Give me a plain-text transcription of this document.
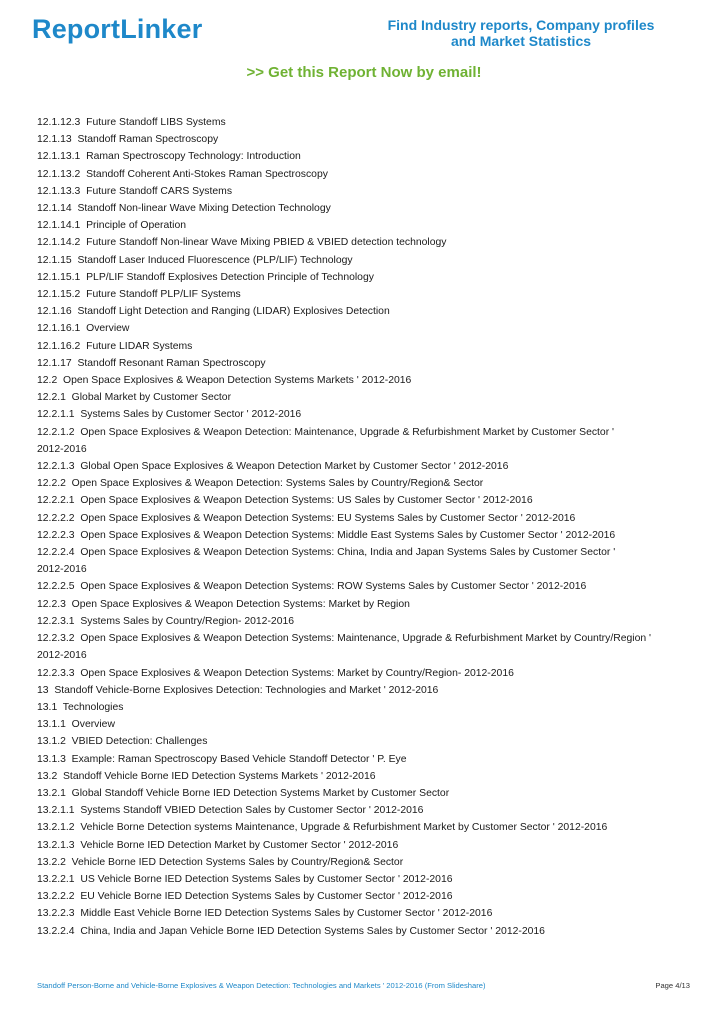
ReportLinker	Find Industry reports, Company profiles and Market Statistics
>> Get this Report Now by email!
12.1.12.3  Future Standoff LIBS Systems
12.1.13  Standoff Raman Spectroscopy
12.1.13.1  Raman Spectroscopy Technology: Introduction
12.1.13.2  Standoff Coherent Anti-Stokes Raman Spectroscopy
12.1.13.3  Future Standoff CARS Systems
12.1.14  Standoff Non-linear Wave Mixing Detection Technology
12.1.14.1  Principle of Operation
12.1.14.2  Future Standoff Non-linear Wave Mixing PBIED & VBIED detection technology
12.1.15  Standoff Laser Induced Fluorescence (PLP/LIF) Technology
12.1.15.1  PLP/LIF Standoff Explosives Detection Principle of Technology
12.1.15.2  Future Standoff PLP/LIF Systems
12.1.16  Standoff Light Detection and Ranging (LIDAR) Explosives Detection
12.1.16.1  Overview
12.1.16.2  Future LIDAR Systems
12.1.17  Standoff Resonant Raman Spectroscopy
12.2  Open Space Explosives & Weapon Detection Systems Markets ' 2012-2016
12.2.1  Global Market by Customer Sector
12.2.1.1  Systems Sales by Customer Sector ' 2012-2016
12.2.1.2  Open Space Explosives & Weapon Detection: Maintenance, Upgrade & Refurbishment Market by Customer Sector '
2012-2016
12.2.1.3  Global Open Space Explosives & Weapon Detection Market by Customer Sector ' 2012-2016
12.2.2  Open Space Explosives & Weapon Detection: Systems Sales by Country/Region& Sector
12.2.2.1  Open Space Explosives & Weapon Detection Systems: US Sales by Customer Sector ' 2012-2016
12.2.2.2  Open Space Explosives & Weapon Detection Systems: EU Systems Sales by Customer Sector ' 2012-2016
12.2.2.3  Open Space Explosives & Weapon Detection Systems: Middle East Systems Sales by Customer Sector ' 2012-2016
12.2.2.4  Open Space Explosives & Weapon Detection Systems: China, India and Japan Systems Sales by Customer Sector '
2012-2016
12.2.2.5  Open Space Explosives & Weapon Detection Systems: ROW Systems Sales by Customer Sector ' 2012-2016
12.2.3  Open Space Explosives & Weapon Detection Systems: Market by Region
12.2.3.1  Systems Sales by Country/Region- 2012-2016
12.2.3.2  Open Space Explosives & Weapon Detection Systems: Maintenance, Upgrade & Refurbishment Market by Country/Region '
2012-2016
12.2.3.3  Open Space Explosives & Weapon Detection Systems: Market by Country/Region- 2012-2016
13  Standoff Vehicle-Borne Explosives Detection: Technologies and Market ' 2012-2016
13.1  Technologies
13.1.1  Overview
13.1.2  VBIED Detection: Challenges
13.1.3  Example: Raman Spectroscopy Based Vehicle Standoff Detector ' P. Eye
13.2  Standoff Vehicle Borne IED Detection Systems Markets ' 2012-2016
13.2.1  Global Standoff Vehicle Borne IED Detection Systems Market by Customer Sector
13.2.1.1  Systems Standoff VBIED Detection Sales by Customer Sector ' 2012-2016
13.2.1.2  Vehicle Borne Detection systems Maintenance, Upgrade & Refurbishment Market by Customer Sector ' 2012-2016
13.2.1.3  Vehicle Borne IED Detection Market by Customer Sector ' 2012-2016
13.2.2  Vehicle Borne IED Detection Systems Sales by Country/Region& Sector
13.2.2.1  US Vehicle Borne IED Detection Systems Sales by Customer Sector ' 2012-2016
13.2.2.2  EU Vehicle Borne IED Detection Systems Sales by Customer Sector ' 2012-2016
13.2.2.3  Middle East Vehicle Borne IED Detection Systems Sales by Customer Sector ' 2012-2016
13.2.2.4  China, India and Japan Vehicle Borne IED Detection Systems Sales by Customer Sector ' 2012-2016
Standoff Person-Borne and Vehicle-Borne Explosives & Weapon Detection: Technologies and Markets ' 2012-2016 (From Slideshare)	Page 4/13
